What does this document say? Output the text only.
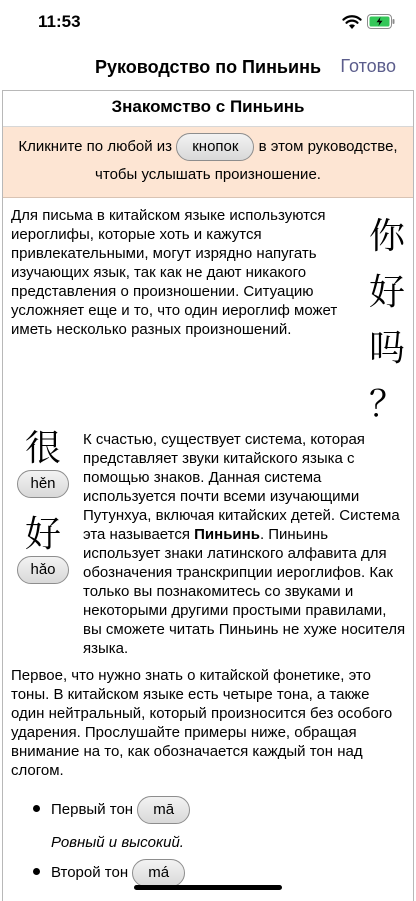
11:53
Руководство по Пиньинь	Готово
Знакомство с Пиньинь
Кликните по любой из кнопок в этом руководстве, чтобы услышать произношение.
Для письма в китайском языке используются иероглифы, которые хоть и кажутся привлекательными, могут изрядно напугать изучающих язык, так как не дают никакого представления о произношении. Ситуацию усложняет еще и то, что один иероглиф может иметь несколько разных произношений.
你
好
吗
？
很
hěn
好
hǎo
К счастью, существует система, которая представляет звуки китайского языка с помощью знаков. Данная система используется почти всеми изучающими Путунхуа, включая китайских детей. Система эта называется Пиньинь. Пиньинь использует знаки латинского алфавита для обозначения транскрипции иероглифов. Как только вы познакомитесь со звуками и некоторыми другими простыми правилами, вы сможете читать Пиньинь не хуже носителя языка.
Первое, что нужно знать о китайской фонетике, это тоны. В китайском языке есть четыре тона, а также один нейтральный, который произносится без особого ударения. Прослушайте примеры ниже, обращая внимание на то, как обозначается каждый тон над слогом.
Первый тон mā
Ровный и высокий.
Второй тон má
